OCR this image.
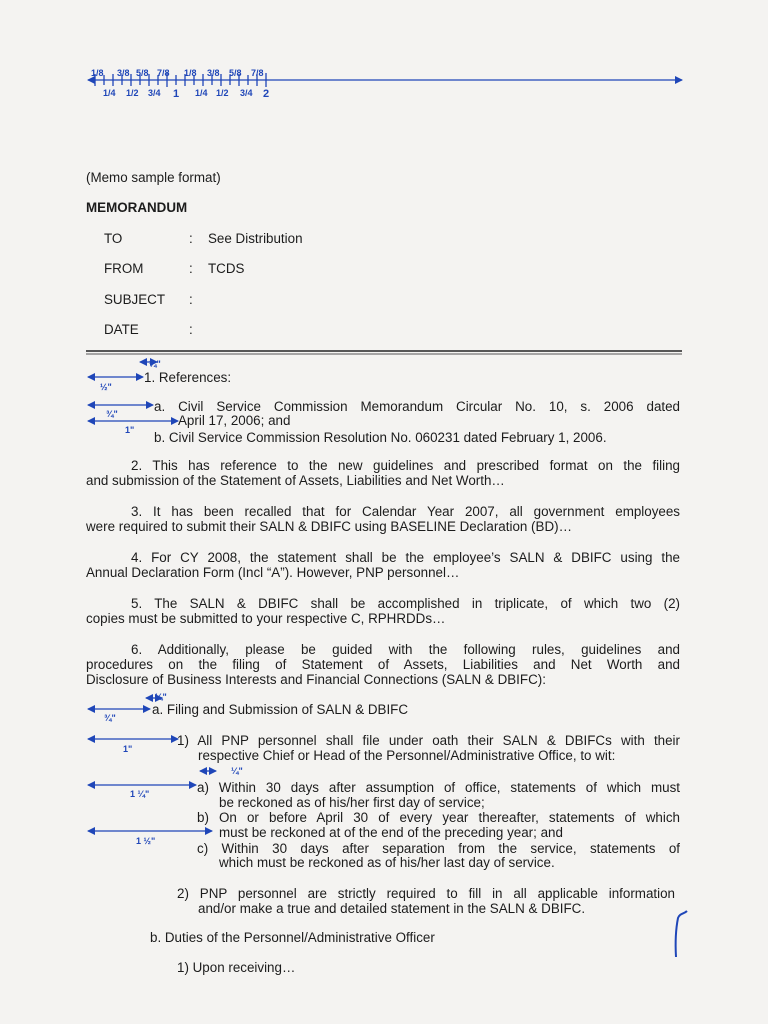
1/8 3/8 5/8 7/8 1/8 3/8 5/8 7/8
1/4 1/2 3/4 1 1/4 1/2 3/4 2
(Memo sample format)
MEMORANDUM
TO	: See Distribution
FROM	: TCDS
SUBJECT :
DATE	:
¼"
½"
¾"
1"
1. References:
a. Civil Service Commission Memorandum Circular No. 10, s. 2006 dated
April 17, 2006; and
b. Civil Service Commission Resolution No. 060231 dated February 1, 2006.
2. This has reference to the new guidelines and prescribed format on the filing
and submission of the Statement of Assets, Liabilities and Net Worth…
3. It has been recalled that for Calendar Year 2007, all government employees
were required to submit their SALN & DBIFC using BASELINE Declaration (BD)…
4. For CY 2008, the statement shall be the employee’s SALN & DBIFC using the
Annual Declaration Form (Incl “A”). However, PNP personnel…
5. The SALN & DBIFC shall be accomplished in triplicate, of which two (2)
copies must be submitted to your respective C, RPHRDDs…
6. Additionally, please be guided with the following rules, guidelines and
procedures on the filing of Statement of Assets, Liabilities and Net Worth and
Disclosure of Business Interests and Financial Connections (SALN & DBIFC):
¼"
¾"
a. Filing and Submission of SALN & DBIFC
1"
1) All PNP personnel shall file under oath their SALN & DBIFCs with their
respective Chief or Head of the Personnel/Administrative Office, to wit:
¼"
1 ¼"	a) Within 30 days after assumption of office, statements of which must
be reckoned as of his/her first day of service;
b) On or before April 30 of every year thereafter, statements of which
must be reckoned at of the end of the preceding year; and
1 ½"	c) Within 30 days after separation from the service, statements of
which must be reckoned as of his/her last day of service.
2) PNP personnel are strictly required to fill in all applicable information
and/or make a true and detailed statement in the SALN & DBIFC.
b. Duties of the Personnel/Administrative Officer
1) Upon receiving…
